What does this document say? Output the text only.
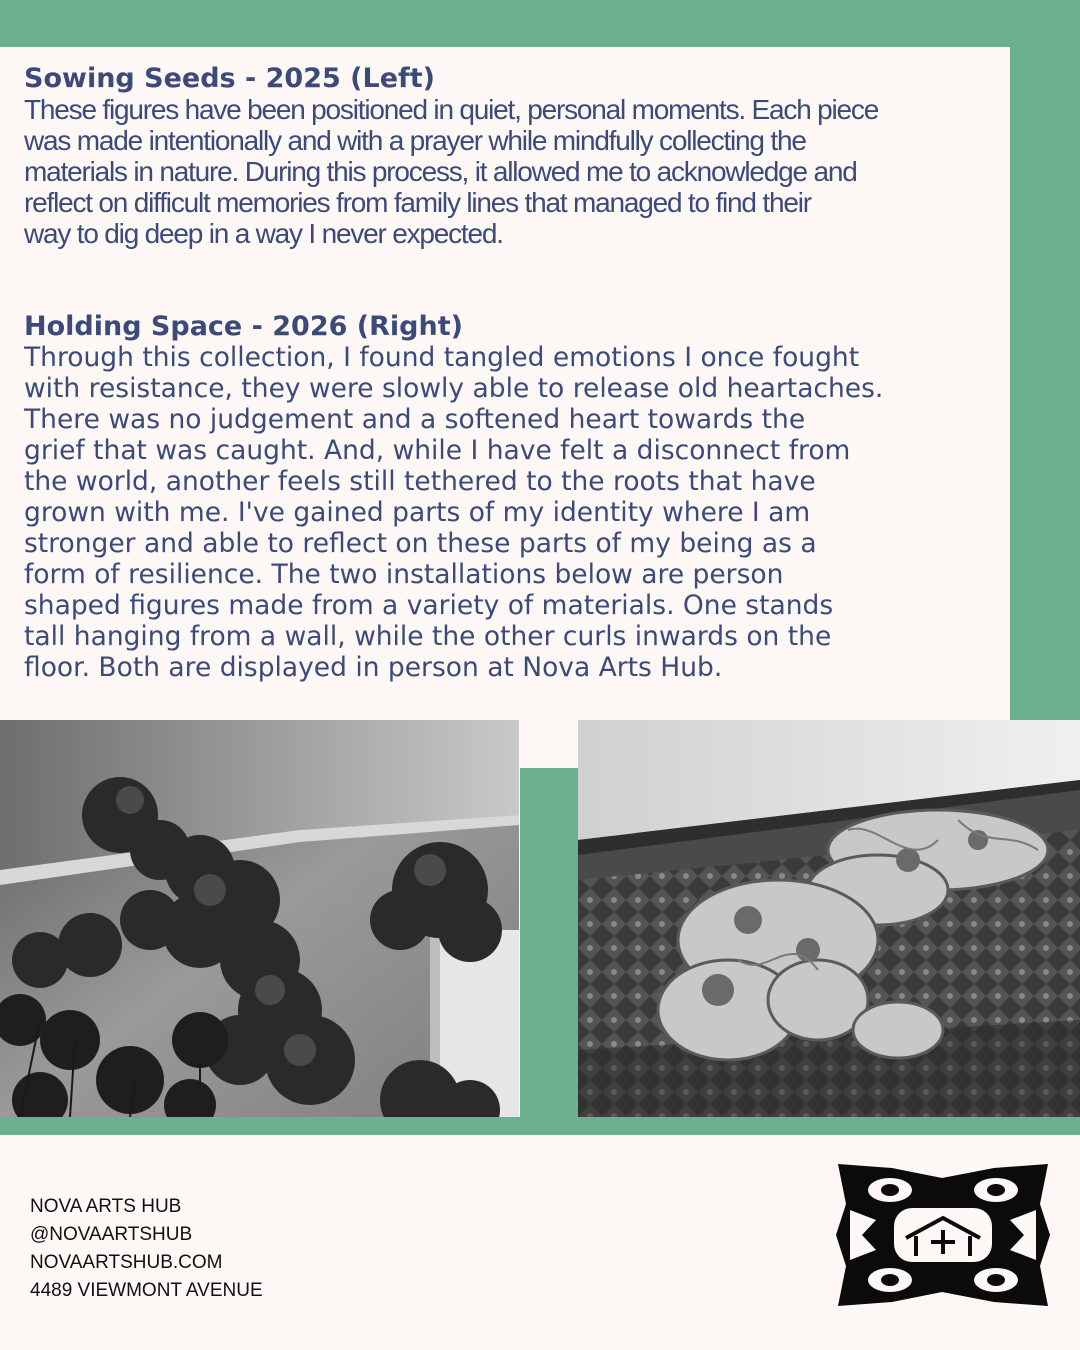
Sowing Seeds - 2025 (Left)
These figures have been positioned in quiet, personal moments. Each piece
was made intentionally and with a prayer while mindfully collecting the
materials in nature. During this process, it allowed me to acknowledge and
reflect on difficult memories from family lines that managed to find their
way to dig deep in a way I never expected.
Holding Space - 2026 (Right)
Through this collection, I found tangled emotions I once fought
with resistance, they were slowly able to release old heartaches.
There was no judgement and a softened heart towards the
grief that was caught. And, while I have felt a disconnect from
the world, another feels still tethered to the roots that have
grown with me. I've gained parts of my identity where I am
stronger and able to reflect on these parts of my being as a
form of resilience. The two installations below are person
shaped figures made from a variety of materials. One stands
tall hanging from a wall, while the other curls inwards on the
floor. Both are displayed in person at Nova Arts Hub.
NOVA ARTS HUB
@NOVAARTSHUB
NOVAARTSHUB.COM
4489 VIEWMONT AVENUE
